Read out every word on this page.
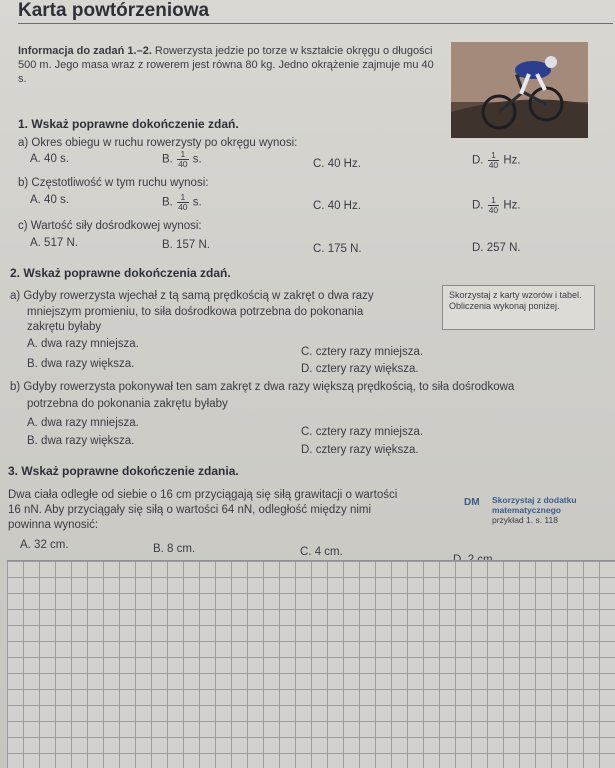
Karta powtórzeniowa
Informacja do zadań 1.–2. Rowerzysta jedzie po torze w kształcie okręgu o długości 500 m. Jego masa wraz z rowerem jest równa 80 kg. Jedno okrążenie zajmuje mu 40 s.
1. Wskaż poprawne dokończenie zdań.
a) Okres obiegu w ruchu rowerzysty po okręgu wynosi:
A. 40 s.	B. $\frac{1}{40} s$.	C. 40 Hz.	D. $\frac{1}{40} Hz$.
b) Częstotliwość w tym ruchu wynosi:
A. 40 s.	B. $\frac{1}{40} s$.	C. 40 Hz.	D. $\frac{1}{40} Hz$.
c) Wartość siły dośrodkowej wynosi:
A. 517 N.	B. 157 N.	C. 175 N.	D. 257 N.
2. Wskaż poprawne dokończenia zdań.
Skorzystaj z karty wzorów i tabel. Obliczenia wykonaj poniżej.
a) Gdyby rowerzysta wjechał z tą samą prędkością w zakręt o dwa razy
mniejszym promieniu, to siła dośrodkowa potrzebna do pokonania
zakrętu byłaby
A. dwa razy mniejsza.
C. cztery razy mniejsza.
B. dwa razy większa.	D. cztery razy większa.
b) Gdyby rowerzysta pokonywał ten sam zakręt z dwa razy większą prędkością, to siła dośrodkowa
potrzebna do pokonania zakrętu byłaby
A. dwa razy mniejsza.
C. cztery razy mniejsza.
B. dwa razy większa.
D. cztery razy większa.
3. Wskaż poprawne dokończenie zdania.
Dwa ciała odległe od siebie o 16 cm przyciągają się siłą grawitacji o wartości
16 nN. Aby przyciągały się siłą o wartości 64 nN, odległość między nimi
powinna wynosić:
DM Skorzystaj z dodatku
matematycznego
przykład 1. s. 118
A. 32 cm.	B. 8 cm.	C. 4 cm.
